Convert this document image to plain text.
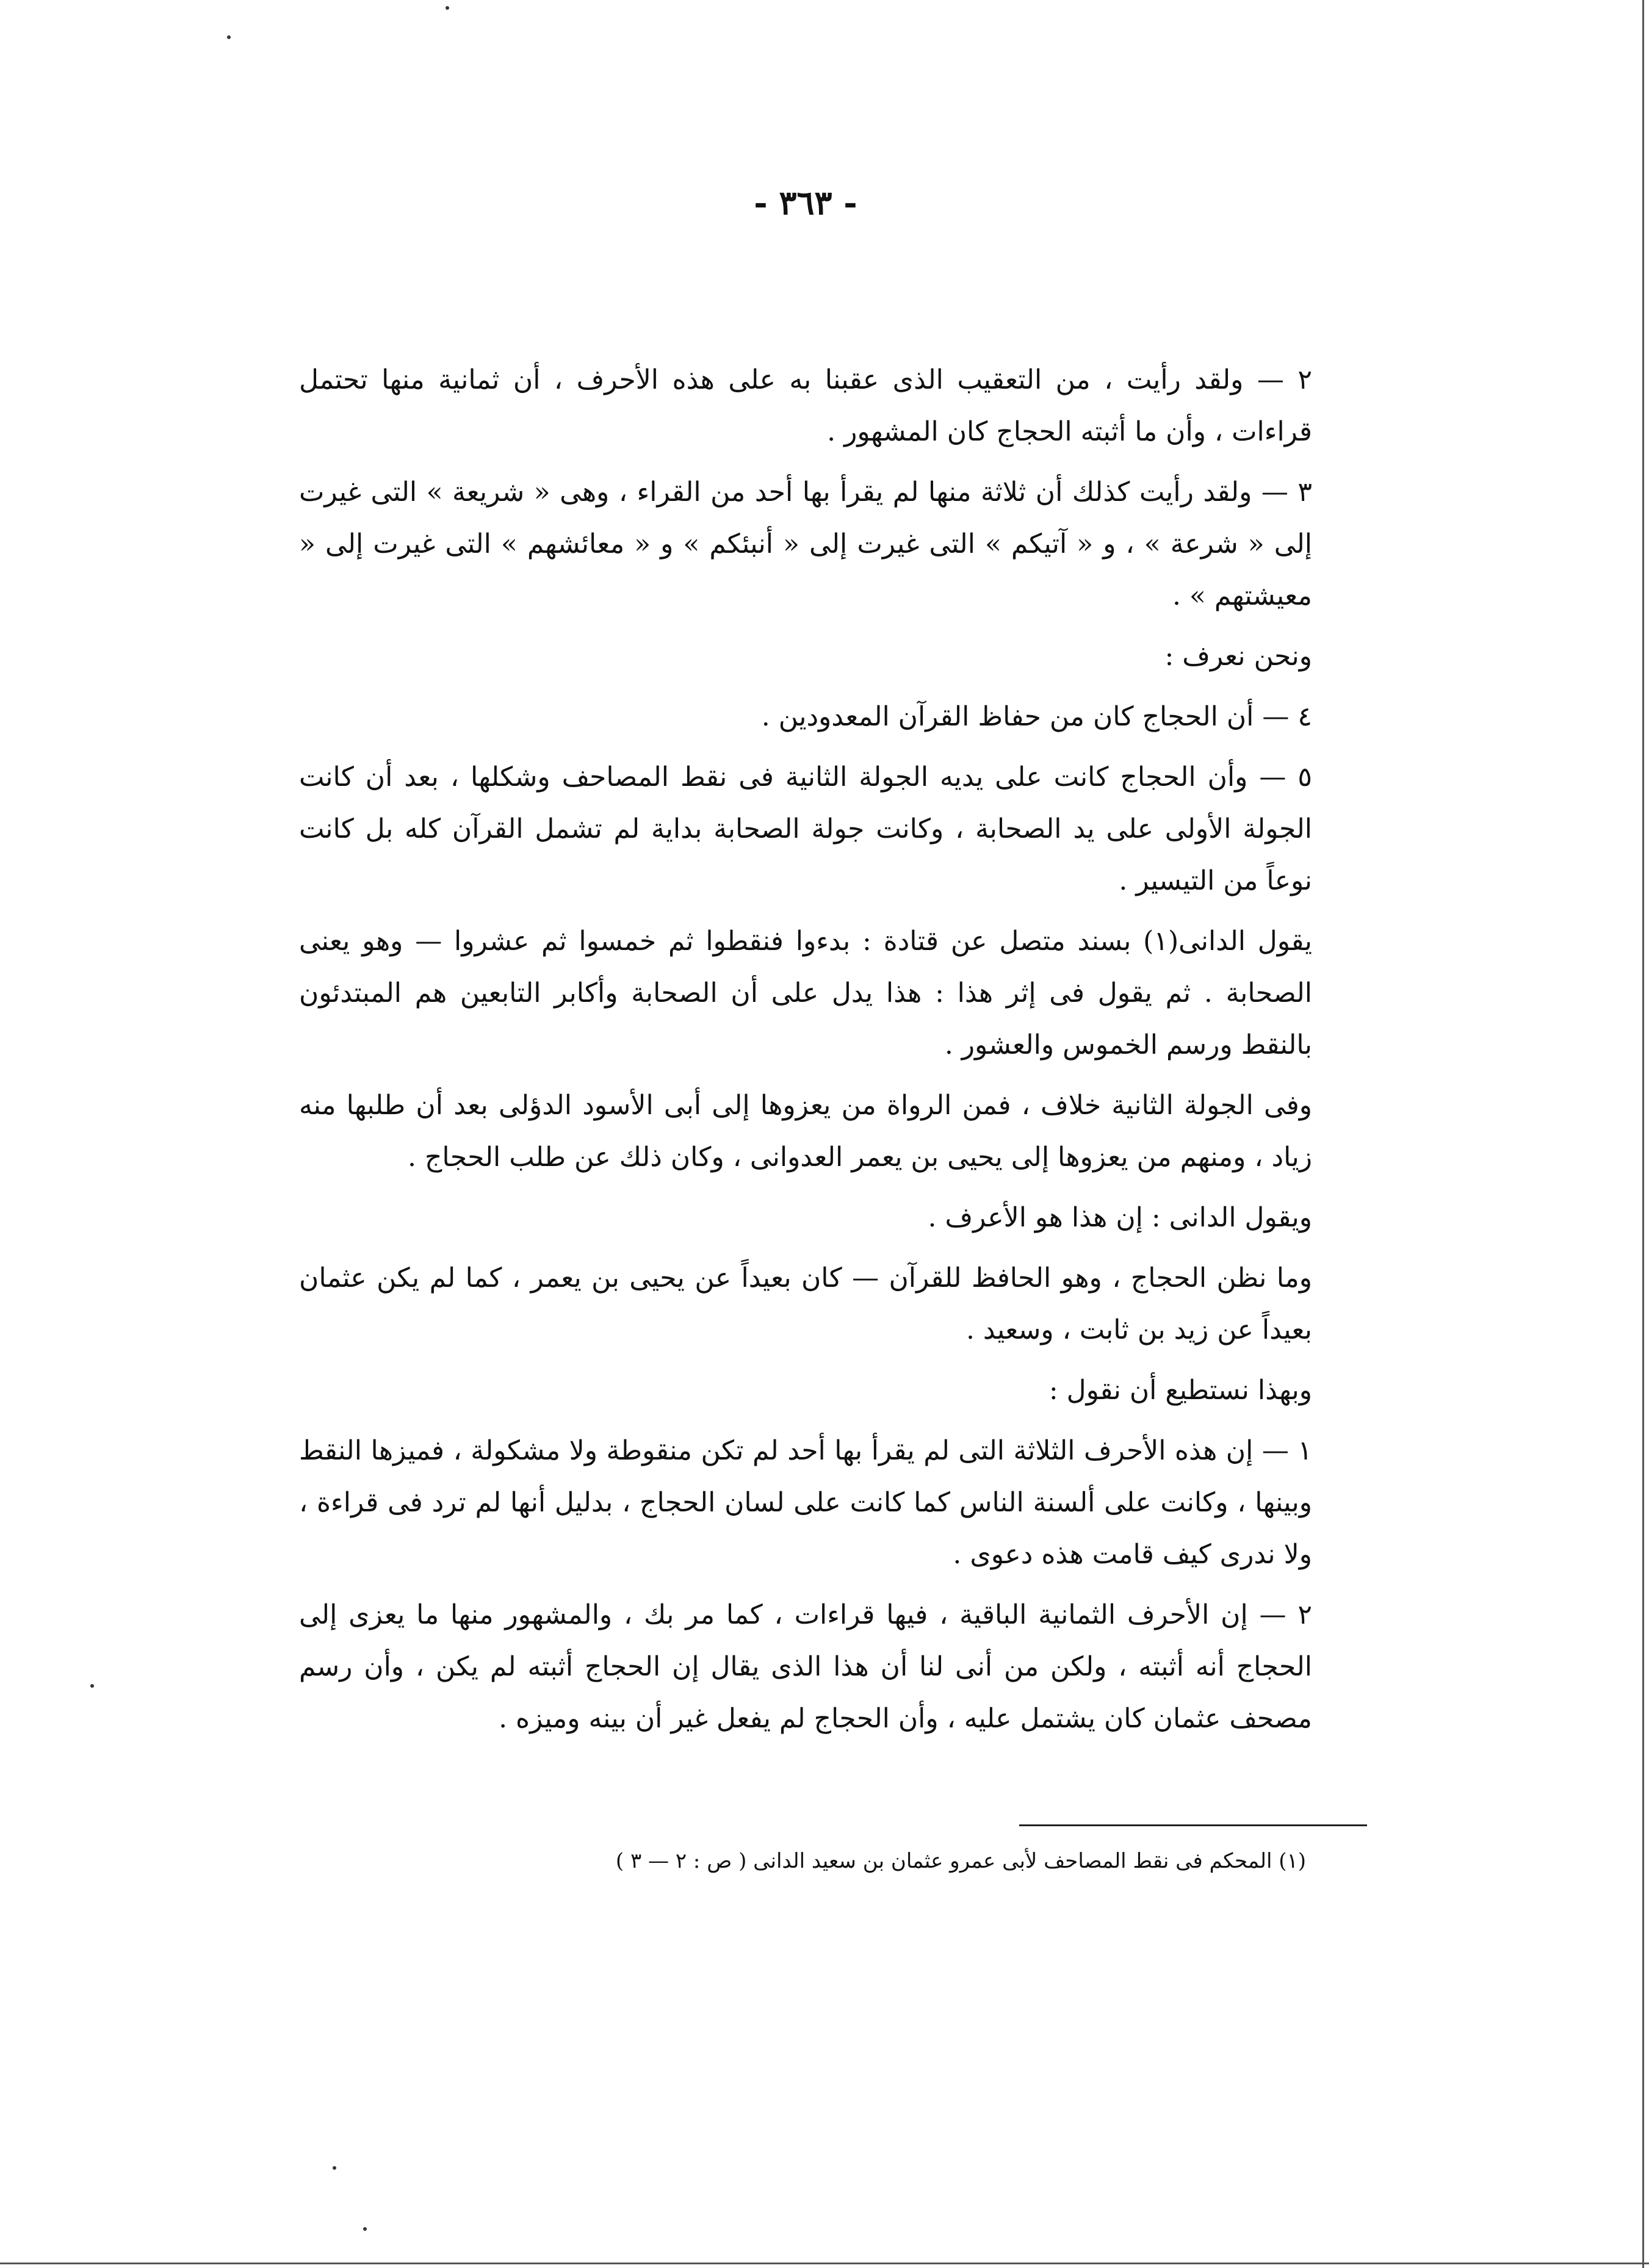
- ٣٦٣ -

٢ — ولقد رأيت ، من التعقيب الذى عقبنا به على هذه الأحرف ، أن ثمانية منها تحتمل قراءات ، وأن ما أثبته الحجاج كان المشهور .

٣ — ولقد رأيت كذلك أن ثلاثة منها لم يقرأ بها أحد من القراء ، وهى « شريعة » التى غيرت إلى « شرعة » ، و « آتيكم » التى غيرت إلى « أنبئكم » و « معائشهم » التى غيرت إلى « معيشتهم » .

ونحن نعرف :

٤ — أن الحجاج كان من حفاظ القرآن المعدودين .

٥ — وأن الحجاج كانت على يديه الجولة الثانية فى نقط المصاحف وشكلها ، بعد أن كانت الجولة الأولى على يد الصحابة ، وكانت جولة الصحابة بداية لم تشمل القرآن كله بل كانت نوعاً من التيسير .

يقول الدانى(١) بسند متصل عن قتادة : بدءوا فنقطوا ثم خمسوا ثم عشروا — وهو يعنى الصحابة . ثم يقول فى إثر هذا : هذا يدل على أن الصحابة وأكابر التابعين هم المبتدئون بالنقط ورسم الخموس والعشور .

وفى الجولة الثانية خلاف ، فمن الرواة من يعزوها إلى أبى الأسود الدؤلى بعد أن طلبها منه زياد ، ومنهم من يعزوها إلى يحيى بن يعمر العدوانى ، وكان ذلك عن طلب الحجاج .

ويقول الدانى : إن هذا هو الأعرف .

وما نظن الحجاج ، وهو الحافظ للقرآن — كان بعيداً عن يحيى بن يعمر ، كما لم يكن عثمان بعيداً عن زيد بن ثابت ، وسعيد .

وبهذا نستطيع أن نقول :

١ — إن هذه الأحرف الثلاثة التى لم يقرأ بها أحد لم تكن منقوطة ولا مشكولة ، فميزها النقط وبينها ، وكانت على ألسنة الناس كما كانت على لسان الحجاج ، بدليل أنها لم ترد فى قراءة ، ولا ندرى كيف قامت هذه دعوى .

٢ — إن الأحرف الثمانية الباقية ، فيها قراءات ، كما مر بك ، والمشهور منها ما يعزى إلى الحجاج أنه أثبته ، ولكن من أنى لنا أن هذا الذى يقال إن الحجاج أثبته لم يكن ، وأن رسم مصحف عثمان كان يشتمل عليه ، وأن الحجاج لم يفعل غير أن بينه وميزه .

(١) المحكم فى نقط المصاحف لأبى عمرو عثمان بن سعيد الدانى ( ص : ٢ — ٣ )
